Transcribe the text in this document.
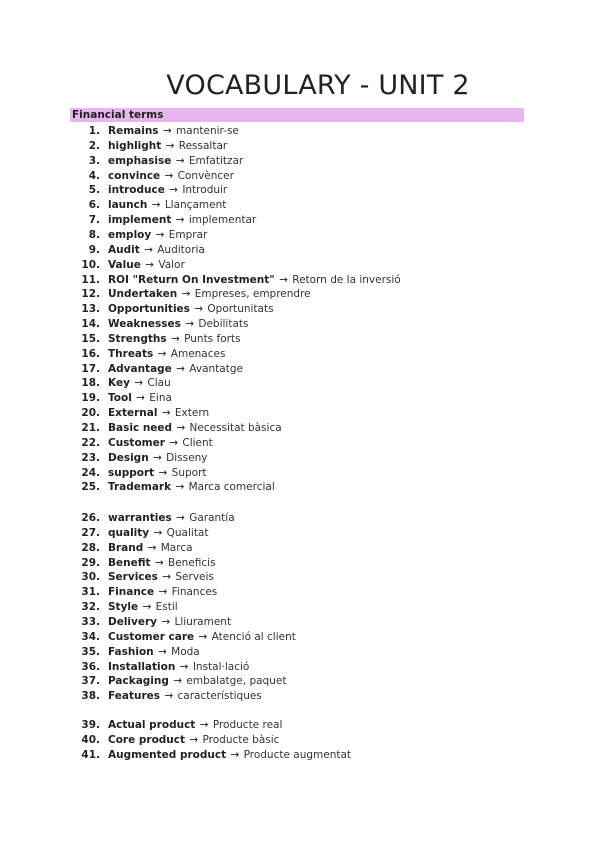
VOCABULARY - UNIT 2
Financial terms
1. Remains → mantenir-se
2. highlight → Ressaltar
3. emphasise → Emfatitzar
4. convince → Convèncer
5. introduce → Introduir
6. launch → Llançament
7. implement → implementar
8. employ → Emprar
9. Audit → Auditoria
10. Value → Valor
11. ROI "Return On Investment" → Retorn de la inversió
12. Undertaken → Empreses, emprendre
13. Opportunities → Oportunitats
14. Weaknesses → Debilitats
15. Strengths → Punts forts
16. Threats → Amenaces
17. Advantage → Avantatge
18. Key → Clau
19. Tool → Eina
20. External → Extern
21. Basic need → Necessitat bàsica
22. Customer → Client
23. Design → Disseny
24. support → Suport
25. Trademark → Marca comercial
26. warranties → Garantía
27. quality → Qualitat
28. Brand → Marca
29. Benefit → Beneficis
30. Services → Serveis
31. Finance → Finances
32. Style → Estil
33. Delivery → Lliurament
34. Customer care → Atenció al client
35. Fashion → Moda
36. Installation → Instal·lació
37. Packaging → embalatge, paquet
38. Features → característiques
39. Actual product → Producte real
40. Core product → Producte bàsic
41. Augmented product → Producte augmentat
